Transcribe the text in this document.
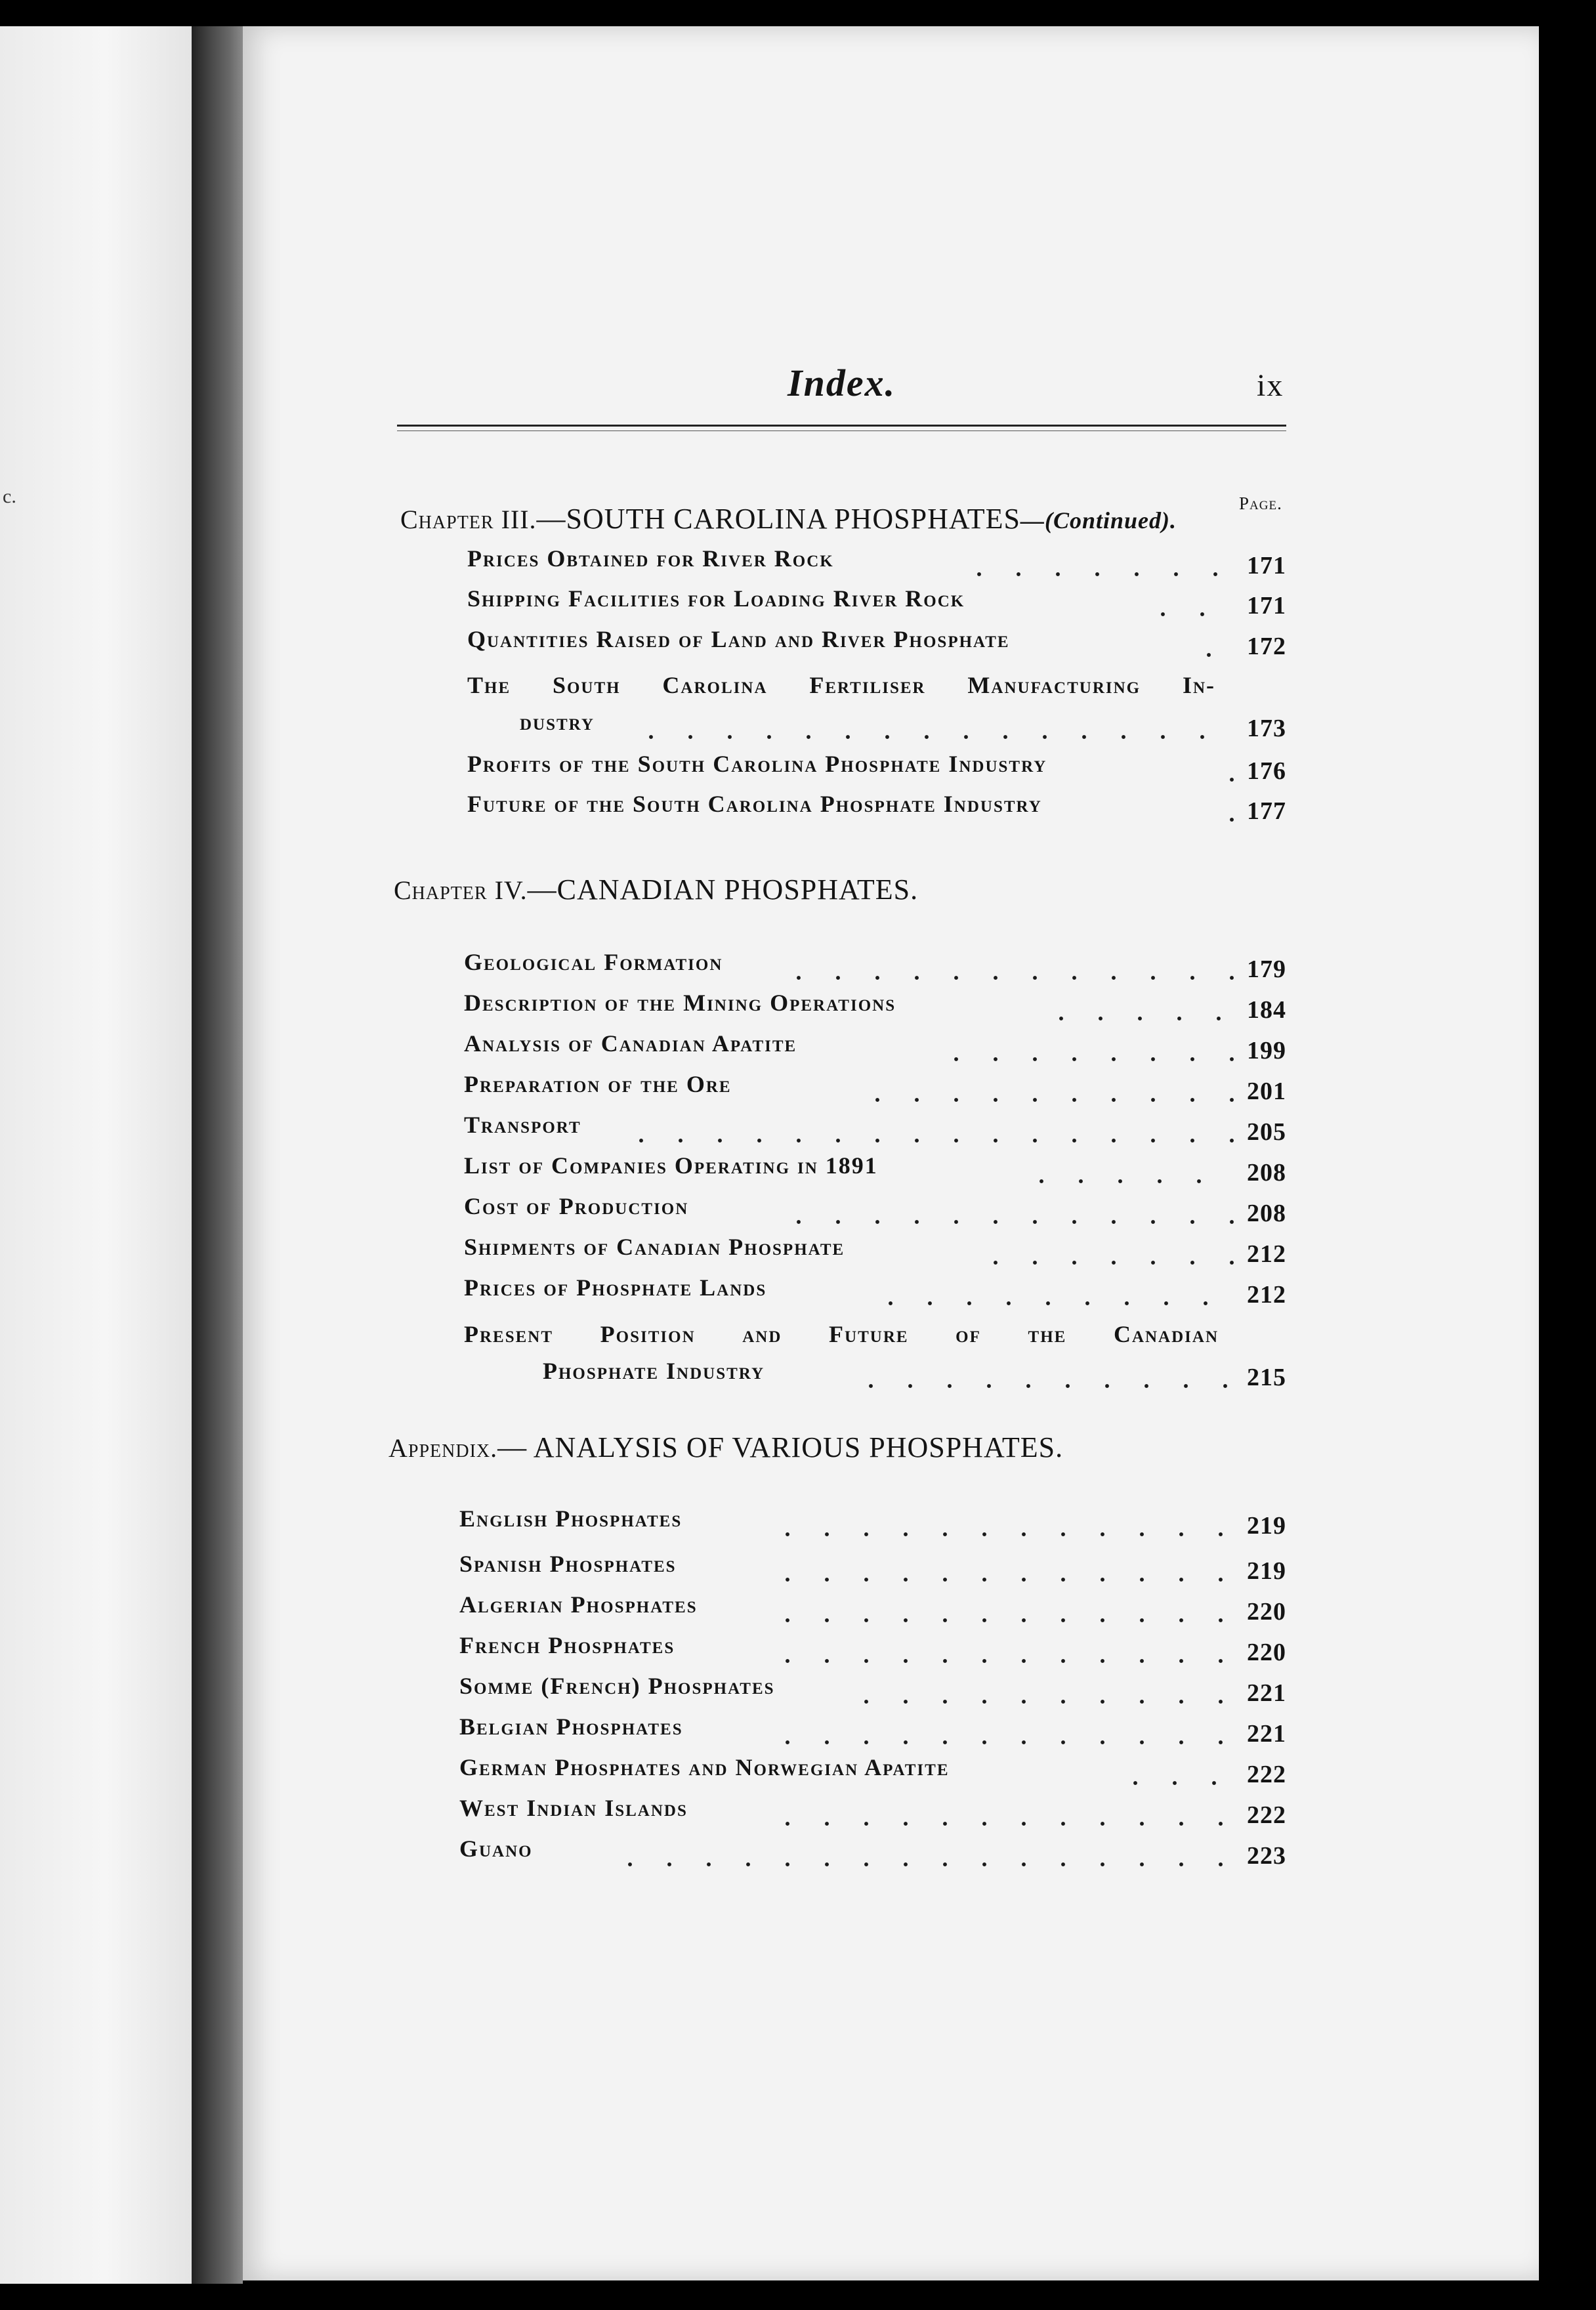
c.
Index.	ix
Page.
Chapter III.—SOUTH CAROLINA PHOSPHATES—(Continued).
Prices Obtained for River Rock	171
Shipping Facilities for Loading River Rock	171
Quantities Raised of Land and River Phosphate	172
The South Carolina Fertiliser Manufacturing In-
dustry	173
Profits of the South Carolina Phosphate Industry	176
Future of the South Carolina Phosphate Industry	177
Chapter IV.—CANADIAN PHOSPHATES.
Geological Formation	179
Description of the Mining Operations	184
Analysis of Canadian Apatite	199
Preparation of the Ore	201
Transport	205
List of Companies Operating in 1891	208
Cost of Production	208
Shipments of Canadian Phosphate	212
Prices of Phosphate Lands	212
Present Position and Future of the Canadian
Phosphate Industry	215
Appendix.— ANALYSIS OF VARIOUS PHOSPHATES.
English Phosphates	219
Spanish Phosphates	219
Algerian Phosphates	220
French Phosphates	220
Somme (French) Phosphates	221
Belgian Phosphates	221
German Phosphates and Norwegian Apatite	222
West Indian Islands	222
Guano	223
